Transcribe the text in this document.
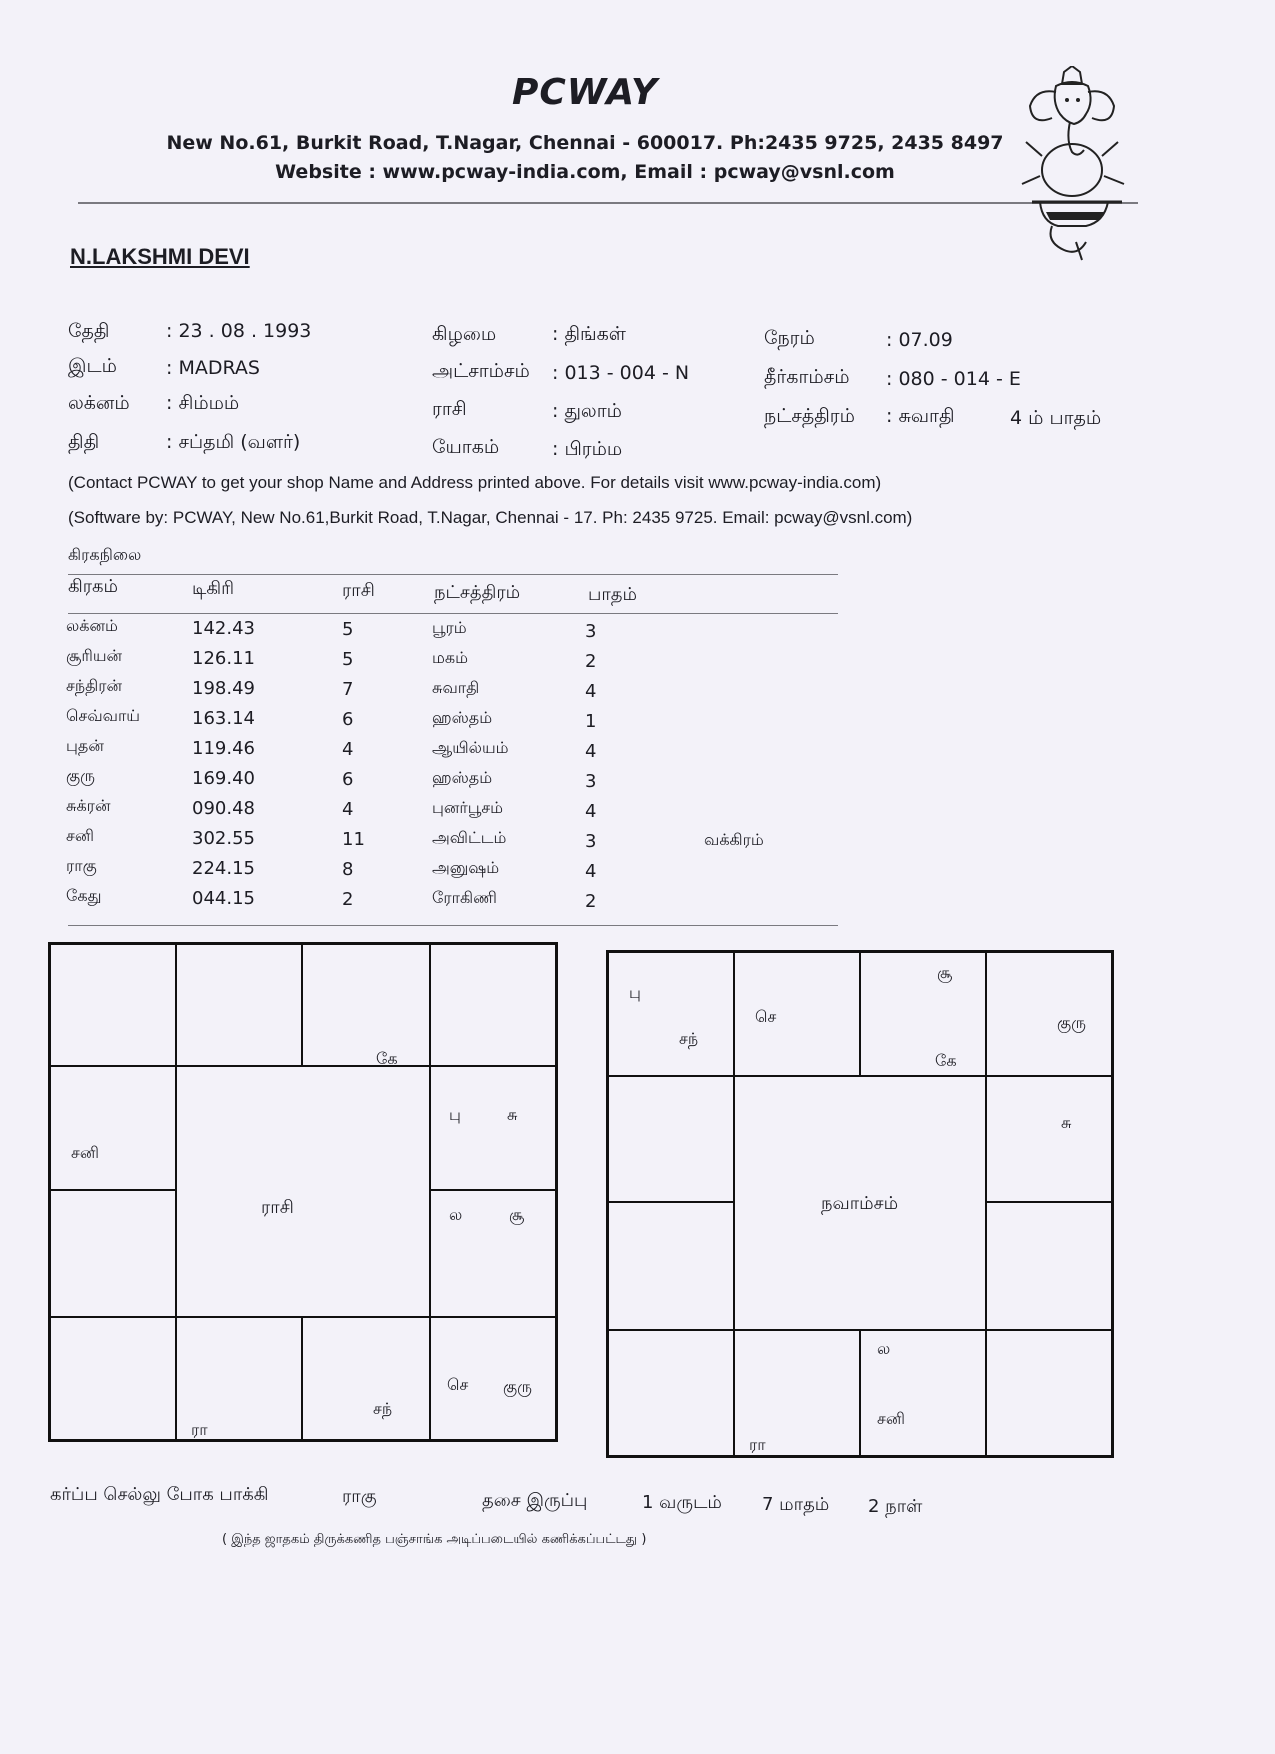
PCWAY
New No.61, Burkit Road, T.Nagar, Chennai - 600017. Ph:2435 9725, 2435 8497
Website : www.pcway-india.com, Email : pcway@vsnl.com
N.LAKSHMI DEVI
தேதி	: 23 . 08 . 1993	கிழமை	: திங்கள்	நேரம்	: 07.09
இடம்	: MADRAS	அட்சாம்சம் : 013 - 004 - N	தீர்காம்சம் : 080 - 014 - E
லக்னம் : சிம்மம்	ராசி	: துலாம்	நட்சத்திரம் : சுவாதி	4 ம் பாதம்
திதி	: சப்தமி (வளர்)	யோகம்	: பிரம்ம
(Contact PCWAY to get your shop Name and Address printed above. For details visit www.pcway-india.com)
(Software by: PCWAY, New No.61,Burkit Road, T.Nagar, Chennai - 17. Ph: 2435 9725. Email: pcway@vsnl.com)
கிரகநிலை
கிரகம்	டிகிரி	ராசி	நட்சத்திரம்	பாதம்
லக்னம்	142.43	5	பூரம்	3
சூரியன்	126.11	5	மகம்	2
சந்திரன்	198.49	7	சுவாதி	4
செவ்வாய்	163.14	6	ஹஸ்தம்	1
புதன்	119.46	4	ஆயில்யம்	4
குரு	169.40	6	ஹஸ்தம்	3
சுக்ரன்	090.48	4	புனர்பூசம்	4
சனி	302.55	11	அவிட்டம்	3	வக்கிரம்
ராகு	224.15	8	அனுஷம்	4
கேது	044.15	2	ரோகிணி	2
கே
சனி
பு	சு
ல	சூ
செ குரு
சந்
ரா
ராசி
பு
சந்
செ
சூ
கே
குரு
சு
ல
சனி
ரா
நவாம்சம்
கர்ப்ப செல்லு போக பாக்கி	ராகு	தசை இருப்பு	1 வருடம் 7 மாதம் 2 நாள்
( இந்த ஜாதகம் திருக்கணித பஞ்சாங்க அடிப்படையில் கணிக்கப்பட்டது )
